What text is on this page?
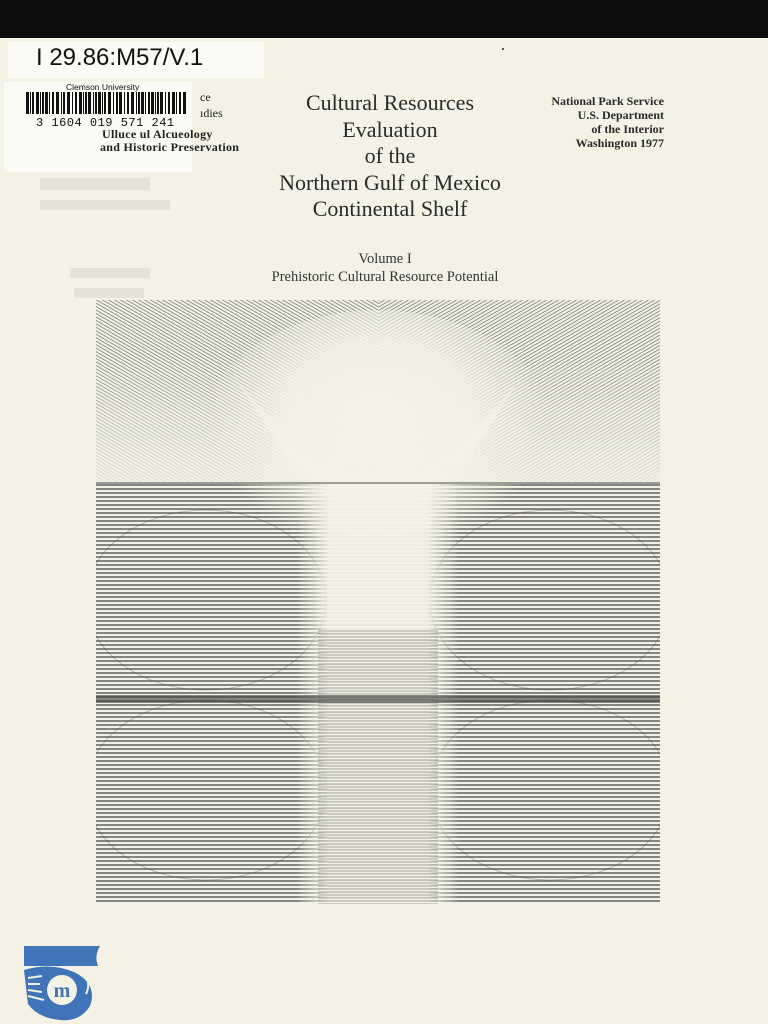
I 29.86:M57/V.1
Clemson University
3 1604 019 571 241
ce
ıdies
Ulluce ul Alcueology
and Historic Preservation
Cultural Resources
Evaluation
of the
Northern Gulf of Mexico
Continental Shelf
National Park Service
U.S. Department
of the Interior
Washington 1977
Volume I
Prehistoric Cultural Resource Potential
m
